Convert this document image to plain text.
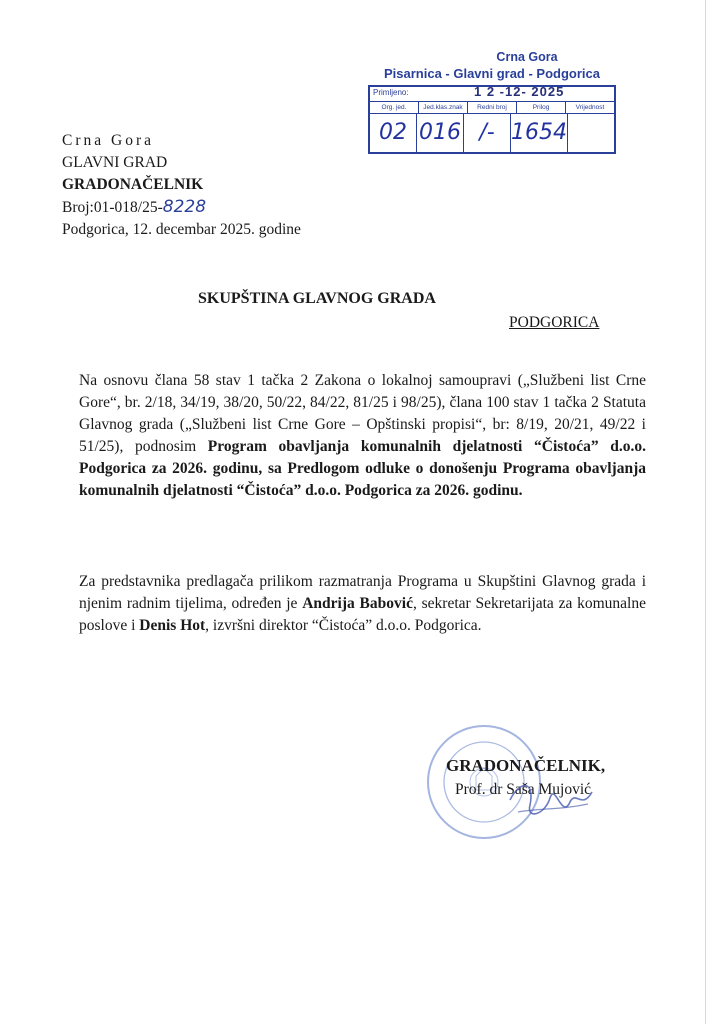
Crna Gora
Pisarnica - Glavni grad - Podgorica
Primljeno:	1 2 -12- 2025
Org. jed.	Jed.klas.znak	Redni broj	Prilog	Vrijednost
02 016 /- 1654
Crna Gora
GLAVNI GRAD
GRADONAČELNIK
Broj:01-018/25-8228
Podgorica, 12. decembar 2025. godine
SKUPŠTINA GLAVNOG GRADA
PODGORICA
Na osnovu člana 58 stav 1 tačka 2 Zakona o lokalnoj samoupravi („Službeni list Crne Gore“, br. 2/18, 34/19, 38/20, 50/22, 84/22, 81/25 i 98/25), člana 100 stav 1 tačka 2 Statuta Glavnog grada („Službeni list Crne Gore – Opštinski propisi“, br: 8/19, 20/21, 49/22 i 51/25), podnosim Program obavljanja komunalnih djelatnosti “Čistoća” d.o.o. Podgorica za 2026. godinu, sa Predlogom odluke o donošenju Programa obavljanja komunalnih djelatnosti “Čistoća” d.o.o. Podgorica za 2026. godinu.
Za predstavnika predlagača prilikom razmatranja Programa u Skupštini Glavnog grada i njenim radnim tijelima, određen je Andrija Babović, sekretar Sekretarijata za komunalne poslove i Denis Hot, izvršni direktor “Čistoća” d.o.o. Podgorica.
GRADONAČELNIK,
Prof. dr Saša Mujović
